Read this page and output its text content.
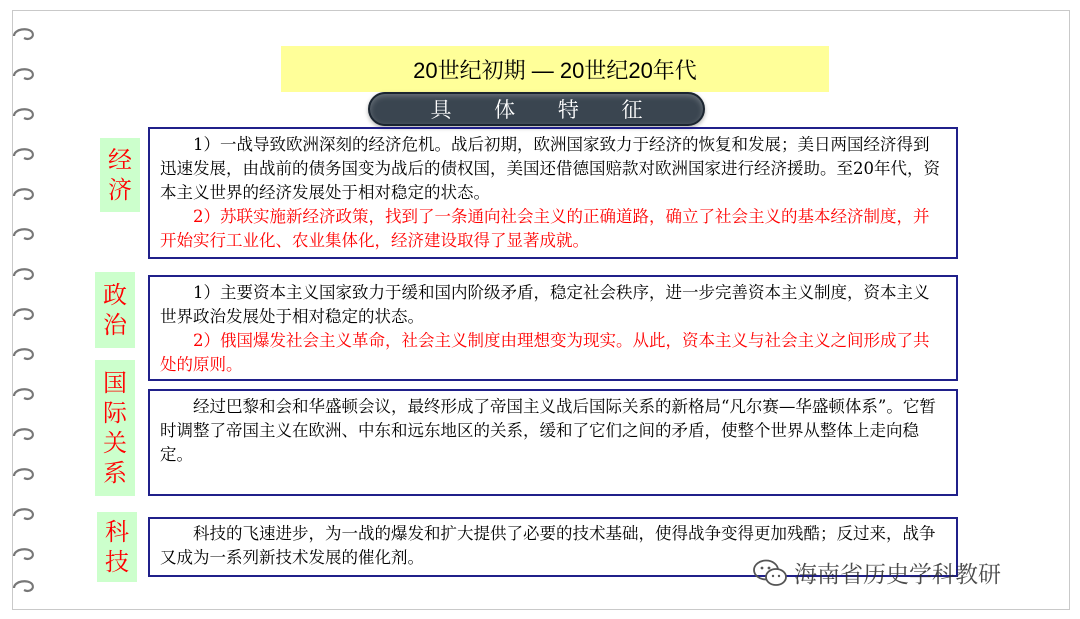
20世纪初期 — 20世纪20年代
具 体 特 征
经
济

1）一战导致欧洲深刻的经济危机。战后初期，欧洲国家致力于经济的恢复和发展；美日两国经济得到迅速发展，由战前的债务国变为战后的债权国，美国还借德国赔款对欧洲国家进行经济援助。至20年代，资本主义世界的经济发展处于相对稳定的状态。

2）苏联实施新经济政策，找到了一条通向社会主义的正确道路，确立了社会主义的基本经济制度，并开始实行工业化、农业集体化，经济建设取得了显著成就。

政
治

1）主要资本主义国家致力于缓和国内阶级矛盾，稳定社会秩序，进一步完善资本主义制度，资本主义世界政治发展处于相对稳定的状态。

2）俄国爆发社会主义革命，社会主义制度由理想变为现实。从此，资本主义与社会主义之间形成了共处的原则。

国
际
关
系

经过巴黎和会和华盛顿会议，最终形成了帝国主义战后国际关系的新格局“凡尔赛—华盛顿体系”。它暂时调整了帝国主义在欧洲、中东和远东地区的关系，缓和了它们之间的矛盾，使整个世界从整体上走向稳定。

科
技

科技的飞速进步，为一战的爆发和扩大提供了必要的技术基础，使得战争变得更加残酷；反过来，战争又成为一系列新技术发展的催化剂。

海南省历史学科教研
